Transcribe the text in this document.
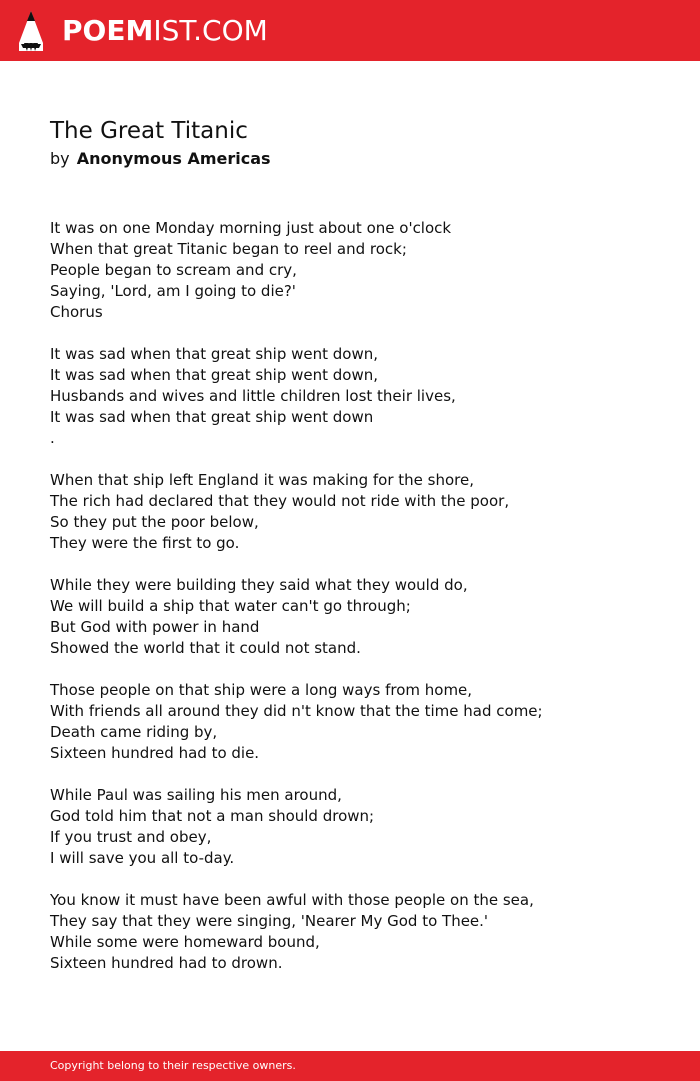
POEMIST.COM
The Great Titanic
by Anonymous Americas
It was on one Monday morning just about one o'clock
When that great Titanic began to reel and rock;
People began to scream and cry,
Saying, 'Lord, am I going to die?'
Chorus
It was sad when that great ship went down,
It was sad when that great ship went down,
Husbands and wives and little children lost their lives,
It was sad when that great ship went down
.
When that ship left England it was making for the shore,
The rich had declared that they would not ride with the poor,
So they put the poor below,
They were the first to go.
While they were building they said what they would do,
We will build a ship that water can't go through;
But God with power in hand
Showed the world that it could not stand.
Those people on that ship were a long ways from home,
With friends all around they did n't know that the time had come;
Death came riding by,
Sixteen hundred had to die.
While Paul was sailing his men around,
God told him that not a man should drown;
If you trust and obey,
I will save you all to-day.
You know it must have been awful with those people on the sea,
They say that they were singing, 'Nearer My God to Thee.'
While some were homeward bound,
Sixteen hundred had to drown.
Copyright belong to their respective owners.
